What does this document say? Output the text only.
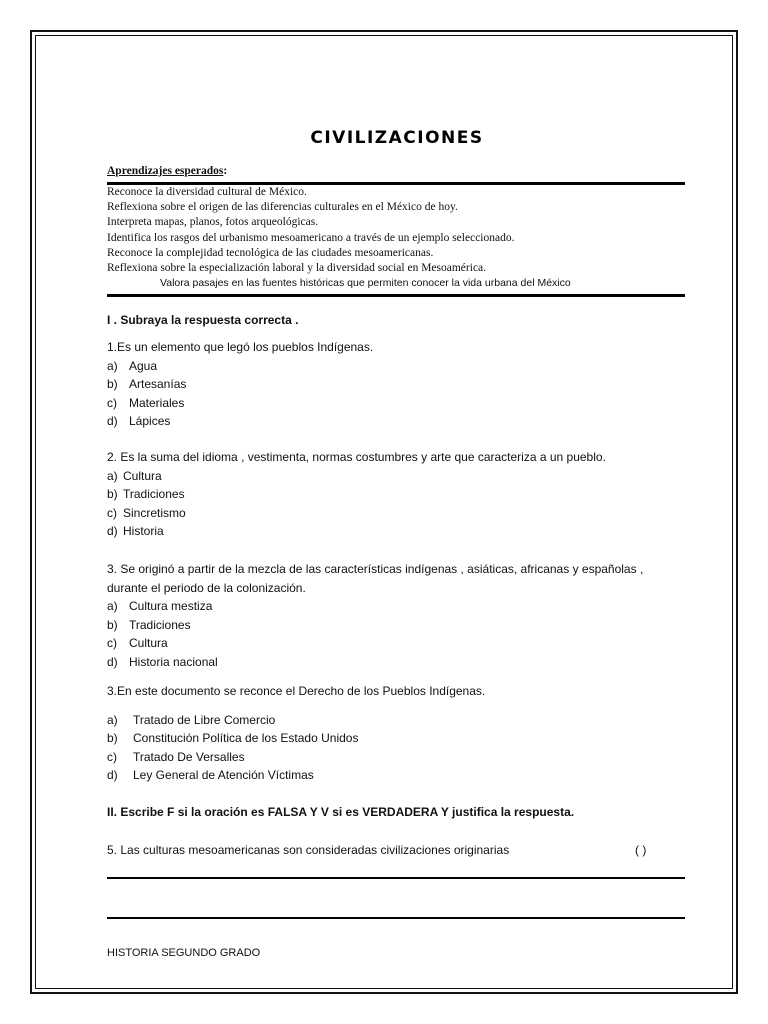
CIVILIZACIONES
Aprendizajes esperados:
Reconoce la diversidad cultural de México.
Reflexiona sobre el origen de las diferencias culturales en el México de hoy.
Interpreta mapas, planos, fotos arqueológicas.
Identifica los rasgos del urbanismo mesoamericano a través de un ejemplo seleccionado.
Reconoce la complejidad tecnológica de las ciudades mesoamericanas.
Reflexiona sobre la especialización laboral y la diversidad social en Mesoamérica.
Valora pasajes en las fuentes históricas que permiten conocer la vida urbana del México
I . Subraya la respuesta correcta .
1.Es un elemento que legó los pueblos Indígenas.
a) Agua
b) Artesanías
c)	Materiales
d) Lápices
2. Es la suma del idioma , vestimenta, normas costumbres y arte que caracteriza a un pueblo.
a) Cultura
b) Tradiciones
c) Sincretismo
d) Historia
3. Se originó a partir de la mezcla de las características indígenas , asiáticas, africanas y españolas ,
durante el periodo de la colonización.
a) Cultura mestiza
b) Tradiciones
c)	Cultura
d) Historia nacional
3.En este documento se reconce el Derecho de los Pueblos Indígenas.
a)	Tratado de Libre Comercio
b)	Constitución Política de los Estado Unidos
c)	Tratado De Versalles
d)	Ley General de Atención Víctimas
II. Escribe F si la oración es FALSA Y V si es VERDADERA Y justifica la respuesta.
5. Las culturas mesoamericanas son consideradas civilizaciones originarias	( )
HISTORIA SEGUNDO GRADO
